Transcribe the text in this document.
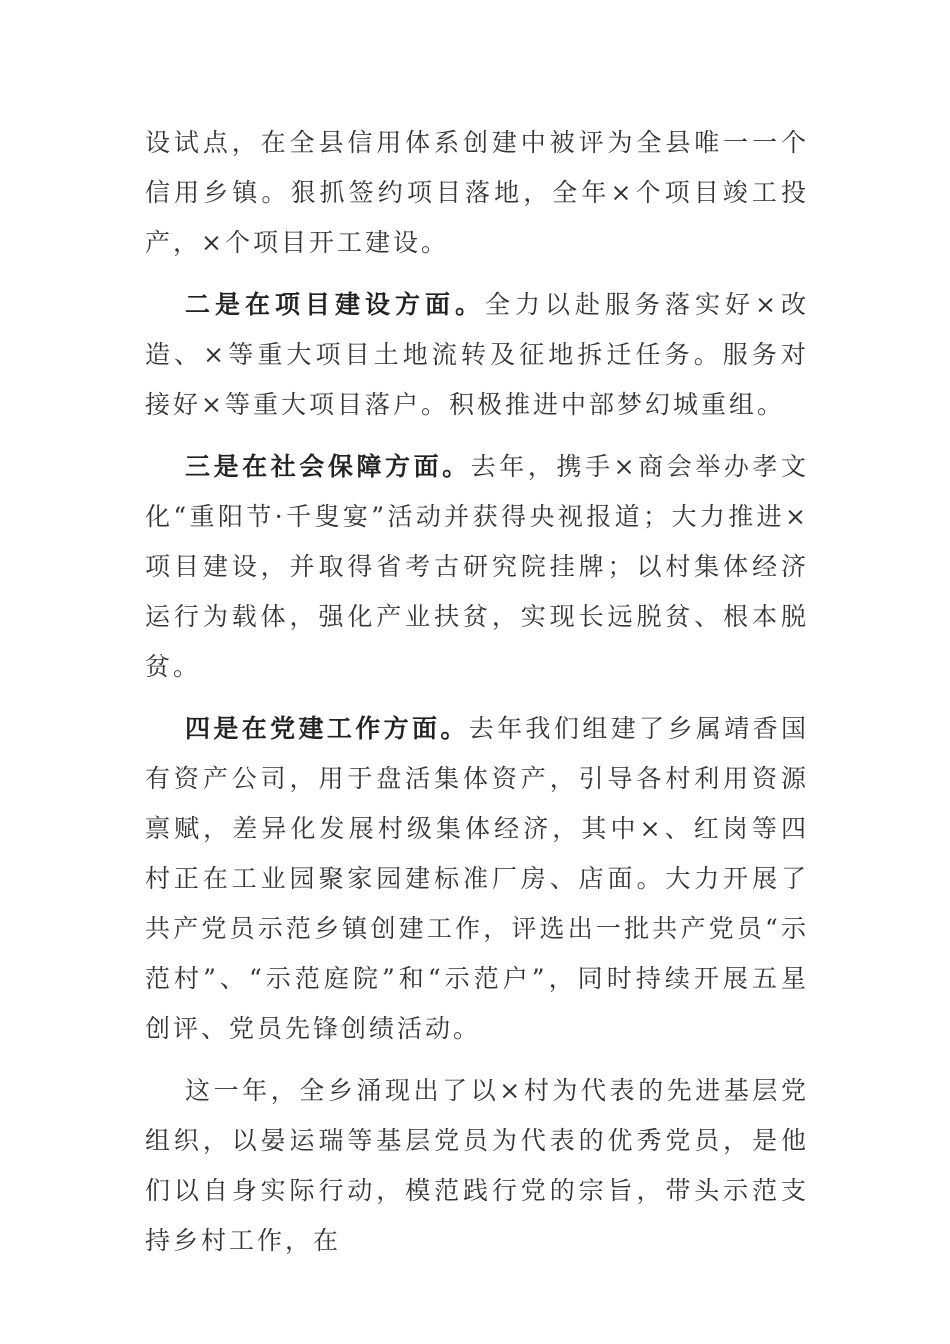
设试点，在全县信用体系创建中被评为全县唯一一个信用乡镇。狠抓签约项目落地，全年×个项目竣工投产，×个项目开工建设。

二是在项目建设方面。全力以赴服务落实好×改造、×等重大项目土地流转及征地拆迁任务。服务对接好×等重大项目落户。积极推进中部梦幻城重组。

三是在社会保障方面。去年，携手×商会举办孝文化“重阳节·千叟宴”活动并获得央视报道；大力推进×项目建设，并取得省考古研究院挂牌；以村集体经济运行为载体，强化产业扶贫，实现长远脱贫、根本脱贫。

四是在党建工作方面。去年我们组建了乡属靖香国有资产公司，用于盘活集体资产，引导各村利用资源禀赋，差异化发展村级集体经济，其中×、红岗等四村正在工业园聚家园建标准厂房、店面。大力开展了共产党员示范乡镇创建工作，评选出一批共产党员“示范村”、“示范庭院”和“示范户”，同时持续开展五星创评、党员先锋创绩活动。

这一年，全乡涌现出了以×村为代表的先进基层党组织，以晏运瑞等基层党员为代表的优秀党员，是他们以自身实际行动，模范践行党的宗旨，带头示范支持乡村工作，在
